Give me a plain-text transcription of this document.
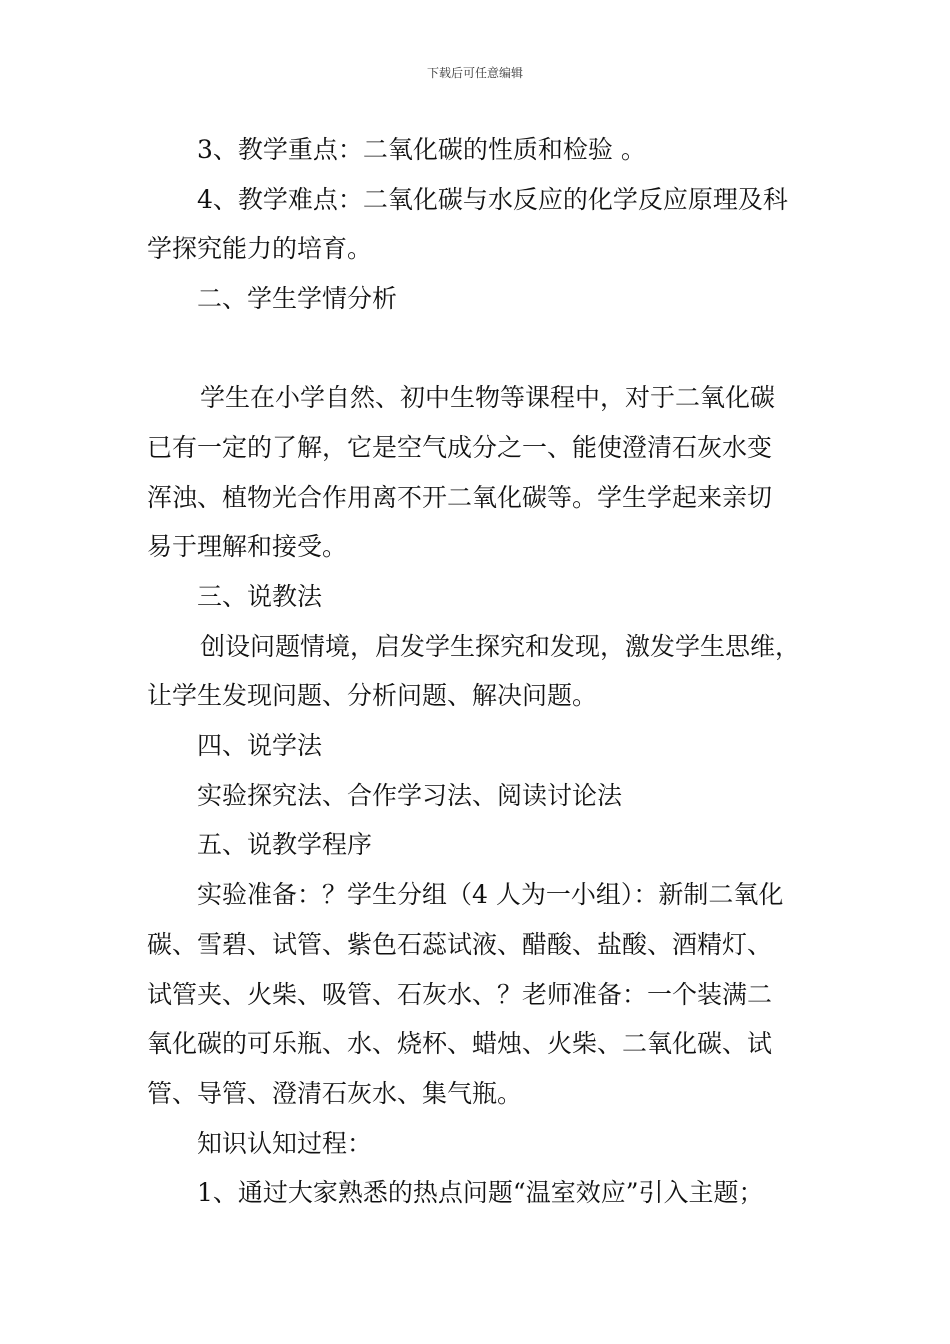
下载后可任意编辑
3、教学重点：二氧化碳的性质和检验 。
4、教学难点：二氧化碳与水反应的化学反应原理及科
学探究能力的培育。
二、学生学情分析
学生在小学自然、初中生物等课程中，对于二氧化碳
已有一定的了解，它是空气成分之一、能使澄清石灰水变
浑浊、植物光合作用离不开二氧化碳等。学生学起来亲切
易于理解和接受。
三、说教法
创设问题情境，启发学生探究和发现，激发学生思维，
让学生发现问题、分析问题、解决问题。
四、说学法
实验探究法、合作学习法、阅读讨论法
五、说教学程序
实验准备：？学生分组（4 人为一小组）：新制二氧化
碳、雪碧、试管、紫色石蕊试液、醋酸、盐酸、酒精灯、
试管夹、火柴、吸管、石灰水、？老师准备：一个装满二
氧化碳的可乐瓶、水、烧杯、蜡烛、火柴、二氧化碳、试
管、导管、澄清石灰水、集气瓶。
知识认知过程：
1、通过大家熟悉的热点问题“温室效应”引入主题；
